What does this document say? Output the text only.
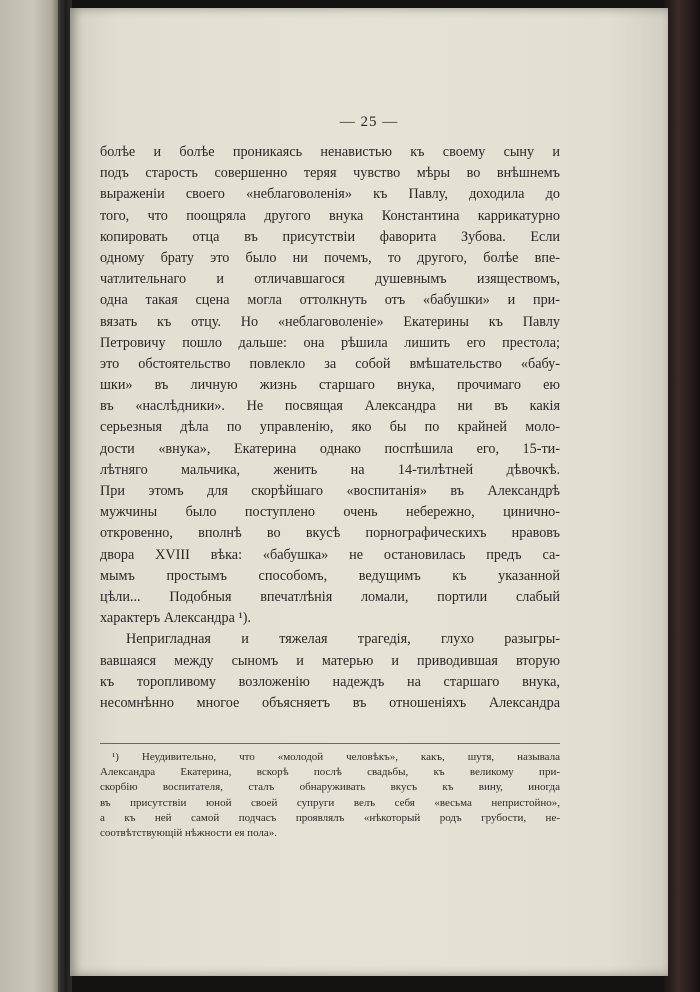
— 25 —
болѣе и болѣе проникаясь ненавистью къ своему сыну и
подъ старость совершенно теряя чувство мѣры во внѣшнемъ
выраженiи своего «неблаговоленія» къ Павлу, доходила до
того, что поощряла другого внука Константина каррикатурно
копировать отца въ присутствіи фаворита Зубова. Если
одному брату это было ни почемъ, то другого, болѣе впе-
чатлительнаго и отличавшагося душевнымъ изяществомъ,
одна такая сцена могла оттолкнуть отъ «бабушки» и при-
вязать къ отцу. Но «неблаговоленіе» Екатерины къ Павлу
Петровичу пошло дальше: она рѣшила лишить его престола;
это обстоятельство повлекло за собой вмѣшательство «бабу-
шки» въ личную жизнь старшаго внука, прочимаго ею
въ «наслѣдники». Не посвящая Александра ни въ какія
серьезныя дѣла по управленію, яко бы по крайней моло-
дости «внука», Екатерина однако поспѣшила его, 15-ти-
лѣтняго мальчика, женить на 14-тилѣтней дѣвочкѣ.
При этомъ для скорѣйшаго «воспитанія» въ Александрѣ
мужчины было поступлено очень небережно, цинично-
откровенно, вполнѣ во вкусѣ порнографическихъ нравовъ
двора XVIII вѣка: «бабушка» не остановилась предъ са-
мымъ простымъ способомъ, ведущимъ къ указанной
цѣли... Подобныя впечатлѣнія ломали, портили слабый
характеръ Александра ¹).
Непригладная и тяжелая трагедія, глухо разыгры-
вавшаяся между сыномъ и матерью и приводившая вторую
къ торопливому возложенію надеждъ на старшаго внука,
несомнѣнно многое объясняетъ въ отношеніяхъ Александра
¹) Неудивительно, что «молодой человѣкъ», какъ, шутя, называла
Александра Екатерина, вскорѣ послѣ свадьбы, къ великому при-
скорбію воспитателя, сталъ обнаруживать вкусъ къ вину, иногда
въ присутствіи юной своей супруги велъ себя «весьма непристойно»,
а къ ней самой подчасъ проявлялъ «нѣкоторый родъ грубости, не-
соотвѣтствующій нѣжности ея пола».
